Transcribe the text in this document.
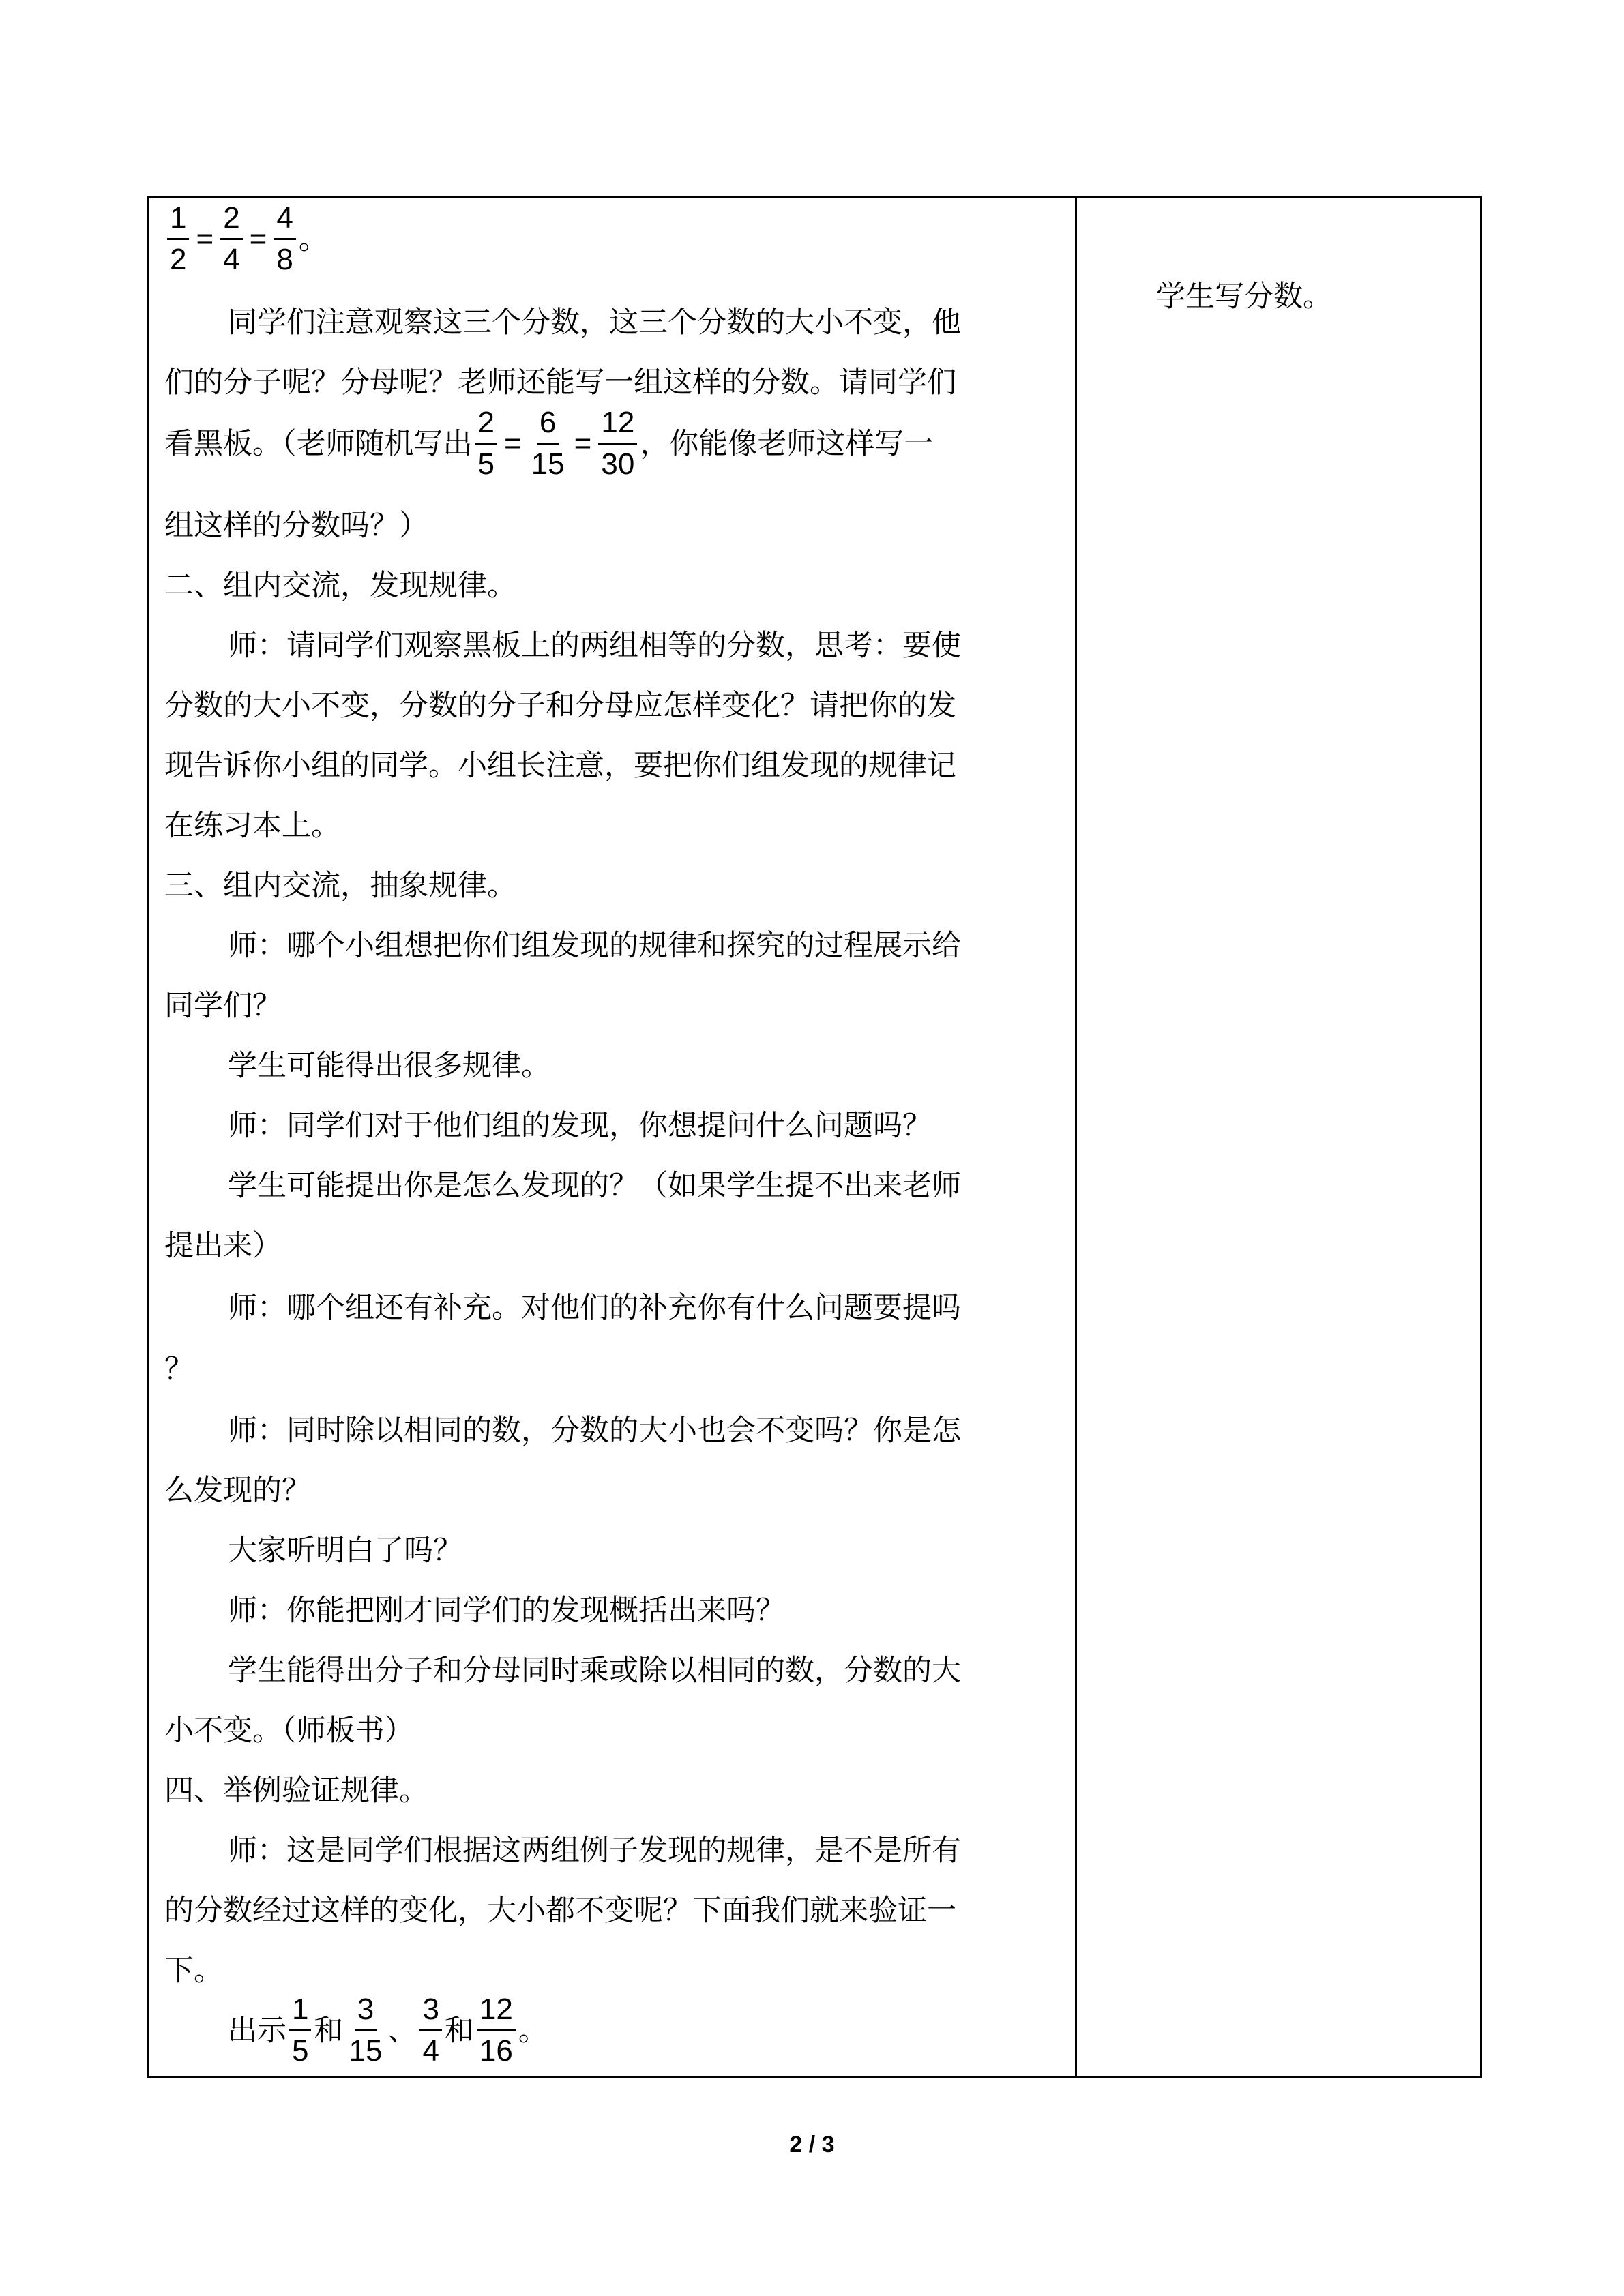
$\frac{1}{2} = \frac{2}{4} = \frac{4}{8}$ 。
同学们注意观察这三个分数，这三个分数的大小不变，他
们的分子呢？分母呢？老师还能写一组这样的分数。请同学们
看黑板。（老师随机写出 $\frac{2}{5} = \frac{6}{15} = \frac{12}{30}$ ，你能像老师这样写一
组这样的分数吗？）
二、组内交流，发现规律。
师：请同学们观察黑板上的两组相等的分数，思考：要使
分数的大小不变，分数的分子和分母应怎样变化？请把你的发
现告诉你小组的同学。小组长注意，要把你们组发现的规律记
在练习本上。
三、组内交流，抽象规律。
师：哪个小组想把你们组发现的规律和探究的过程展示给
同学们？
学生可能得出很多规律。
师：同学们对于他们组的发现，你想提问什么问题吗？
学生可能提出你是怎么发现的？（如果学生提不出来老师
提出来）
师：哪个组还有补充。对他们的补充你有什么问题要提吗
？
师：同时除以相同的数，分数的大小也会不变吗？你是怎
么发现的？
大家听明白了吗？
师：你能把刚才同学们的发现概括出来吗？
学生能得出分子和分母同时乘或除以相同的数，分数的大
小不变。（师板书）
四、举例验证规律。
师：这是同学们根据这两组例子发现的规律，是不是所有
的分数经过这样的变化，大小都不变呢？下面我们就来验证一
下。
出示 $\frac{1}{5}$ 和 $\frac{3}{15}$ 、 $\frac{3}{4}$ 和 $\frac{12}{16}$ 。
学生写分数。
2 / 3
